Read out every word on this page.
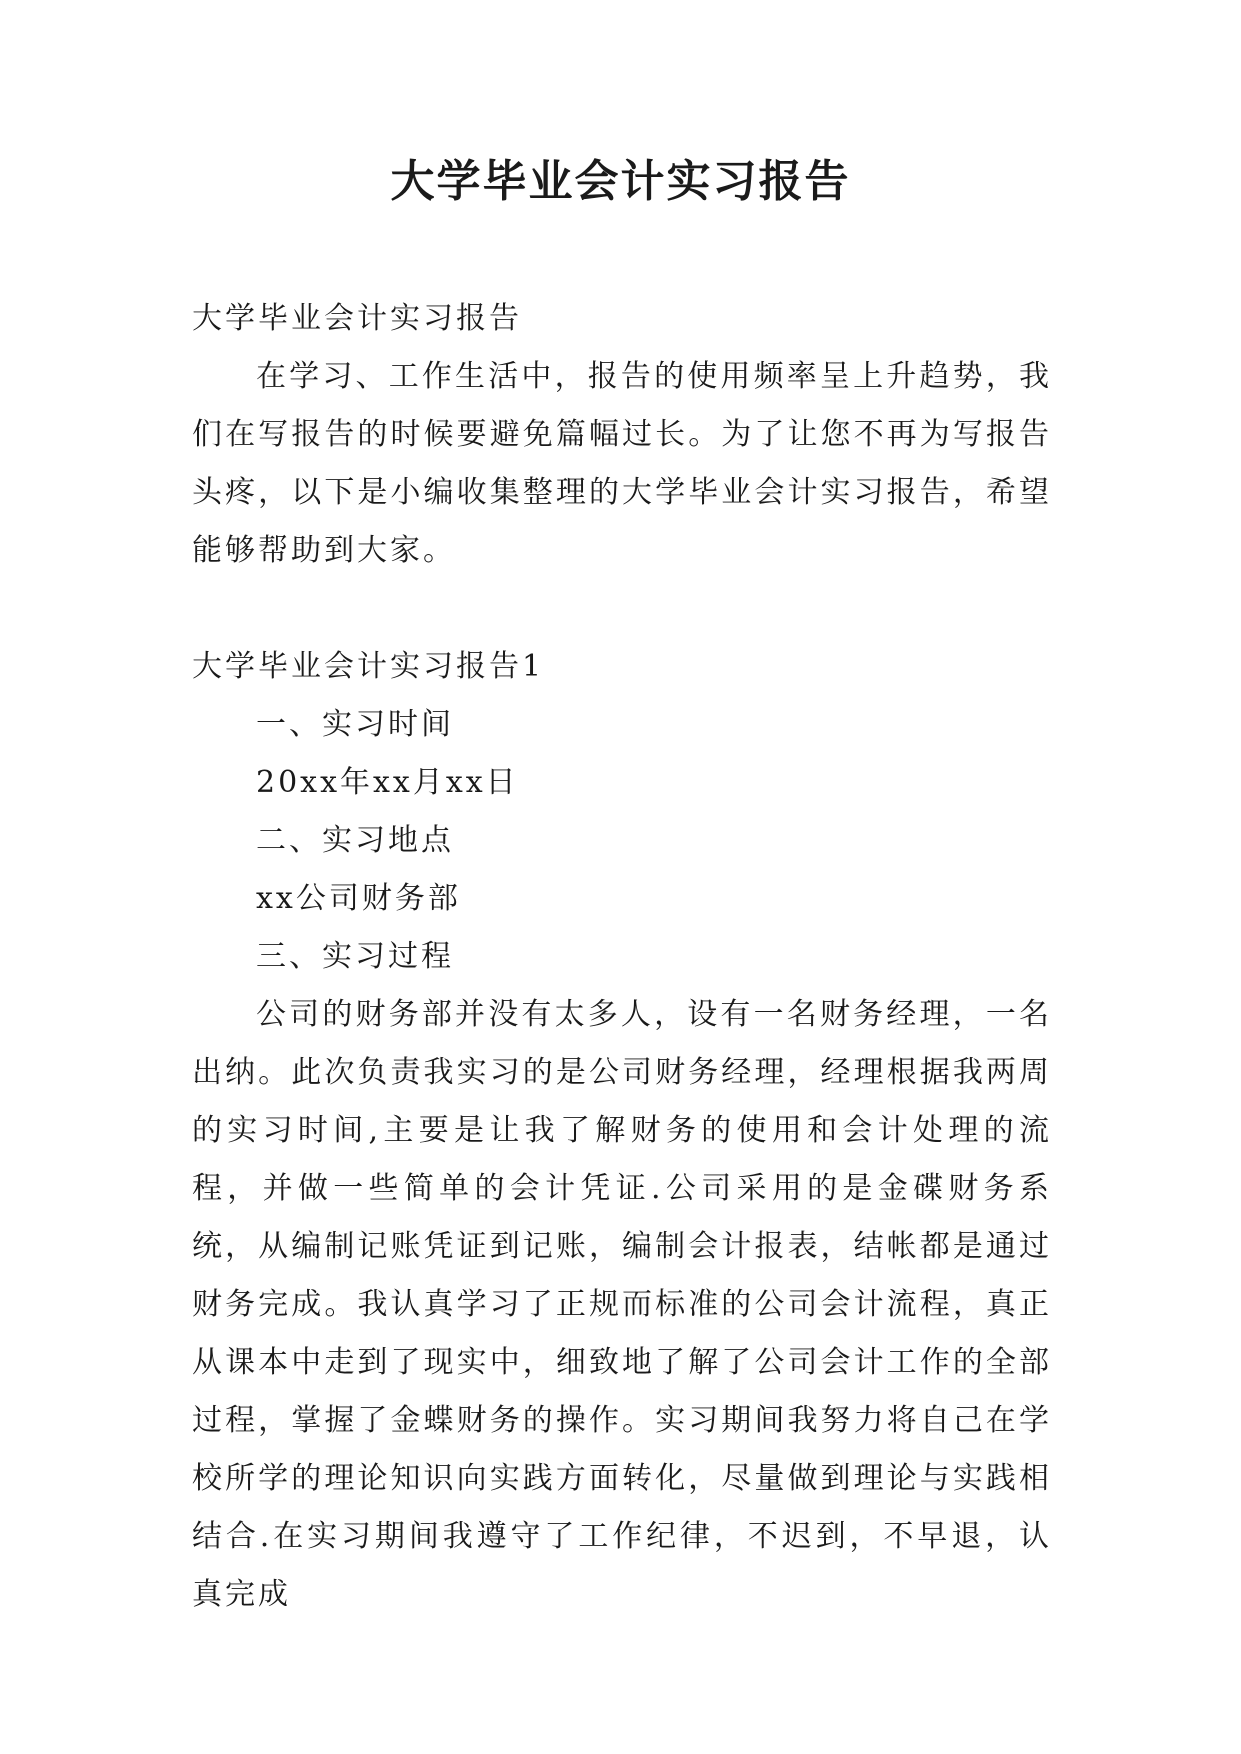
大学毕业会计实习报告

大学毕业会计实习报告

在学习、工作生活中，报告的使用频率呈上升趋势，我们在写报告的时候要避免篇幅过长。为了让您不再为写报告头疼，以下是小编收集整理的大学毕业会计实习报告，希望能够帮助到大家。

大学毕业会计实习报告1

一、实习时间

20xx年xx月xx日

二、实习地点

xx公司财务部

三、实习过程

公司的财务部并没有太多人，设有一名财务经理，一名出纳。此次负责我实习的是公司财务经理，经理根据我两周的实习时间,主要是让我了解财务的使用和会计处理的流程，并做一些简单的会计凭证.公司采用的是金碟财务系统，从编制记账凭证到记账，编制会计报表，结帐都是通过财务完成。我认真学习了正规而标准的公司会计流程，真正从课本中走到了现实中，细致地了解了公司会计工作的全部过程，掌握了金蝶财务的操作。实习期间我努力将自己在学校所学的理论知识向实践方面转化，尽量做到理论与实践相结合.在实习期间我遵守了工作纪律，不迟到，不早退，认真完成
